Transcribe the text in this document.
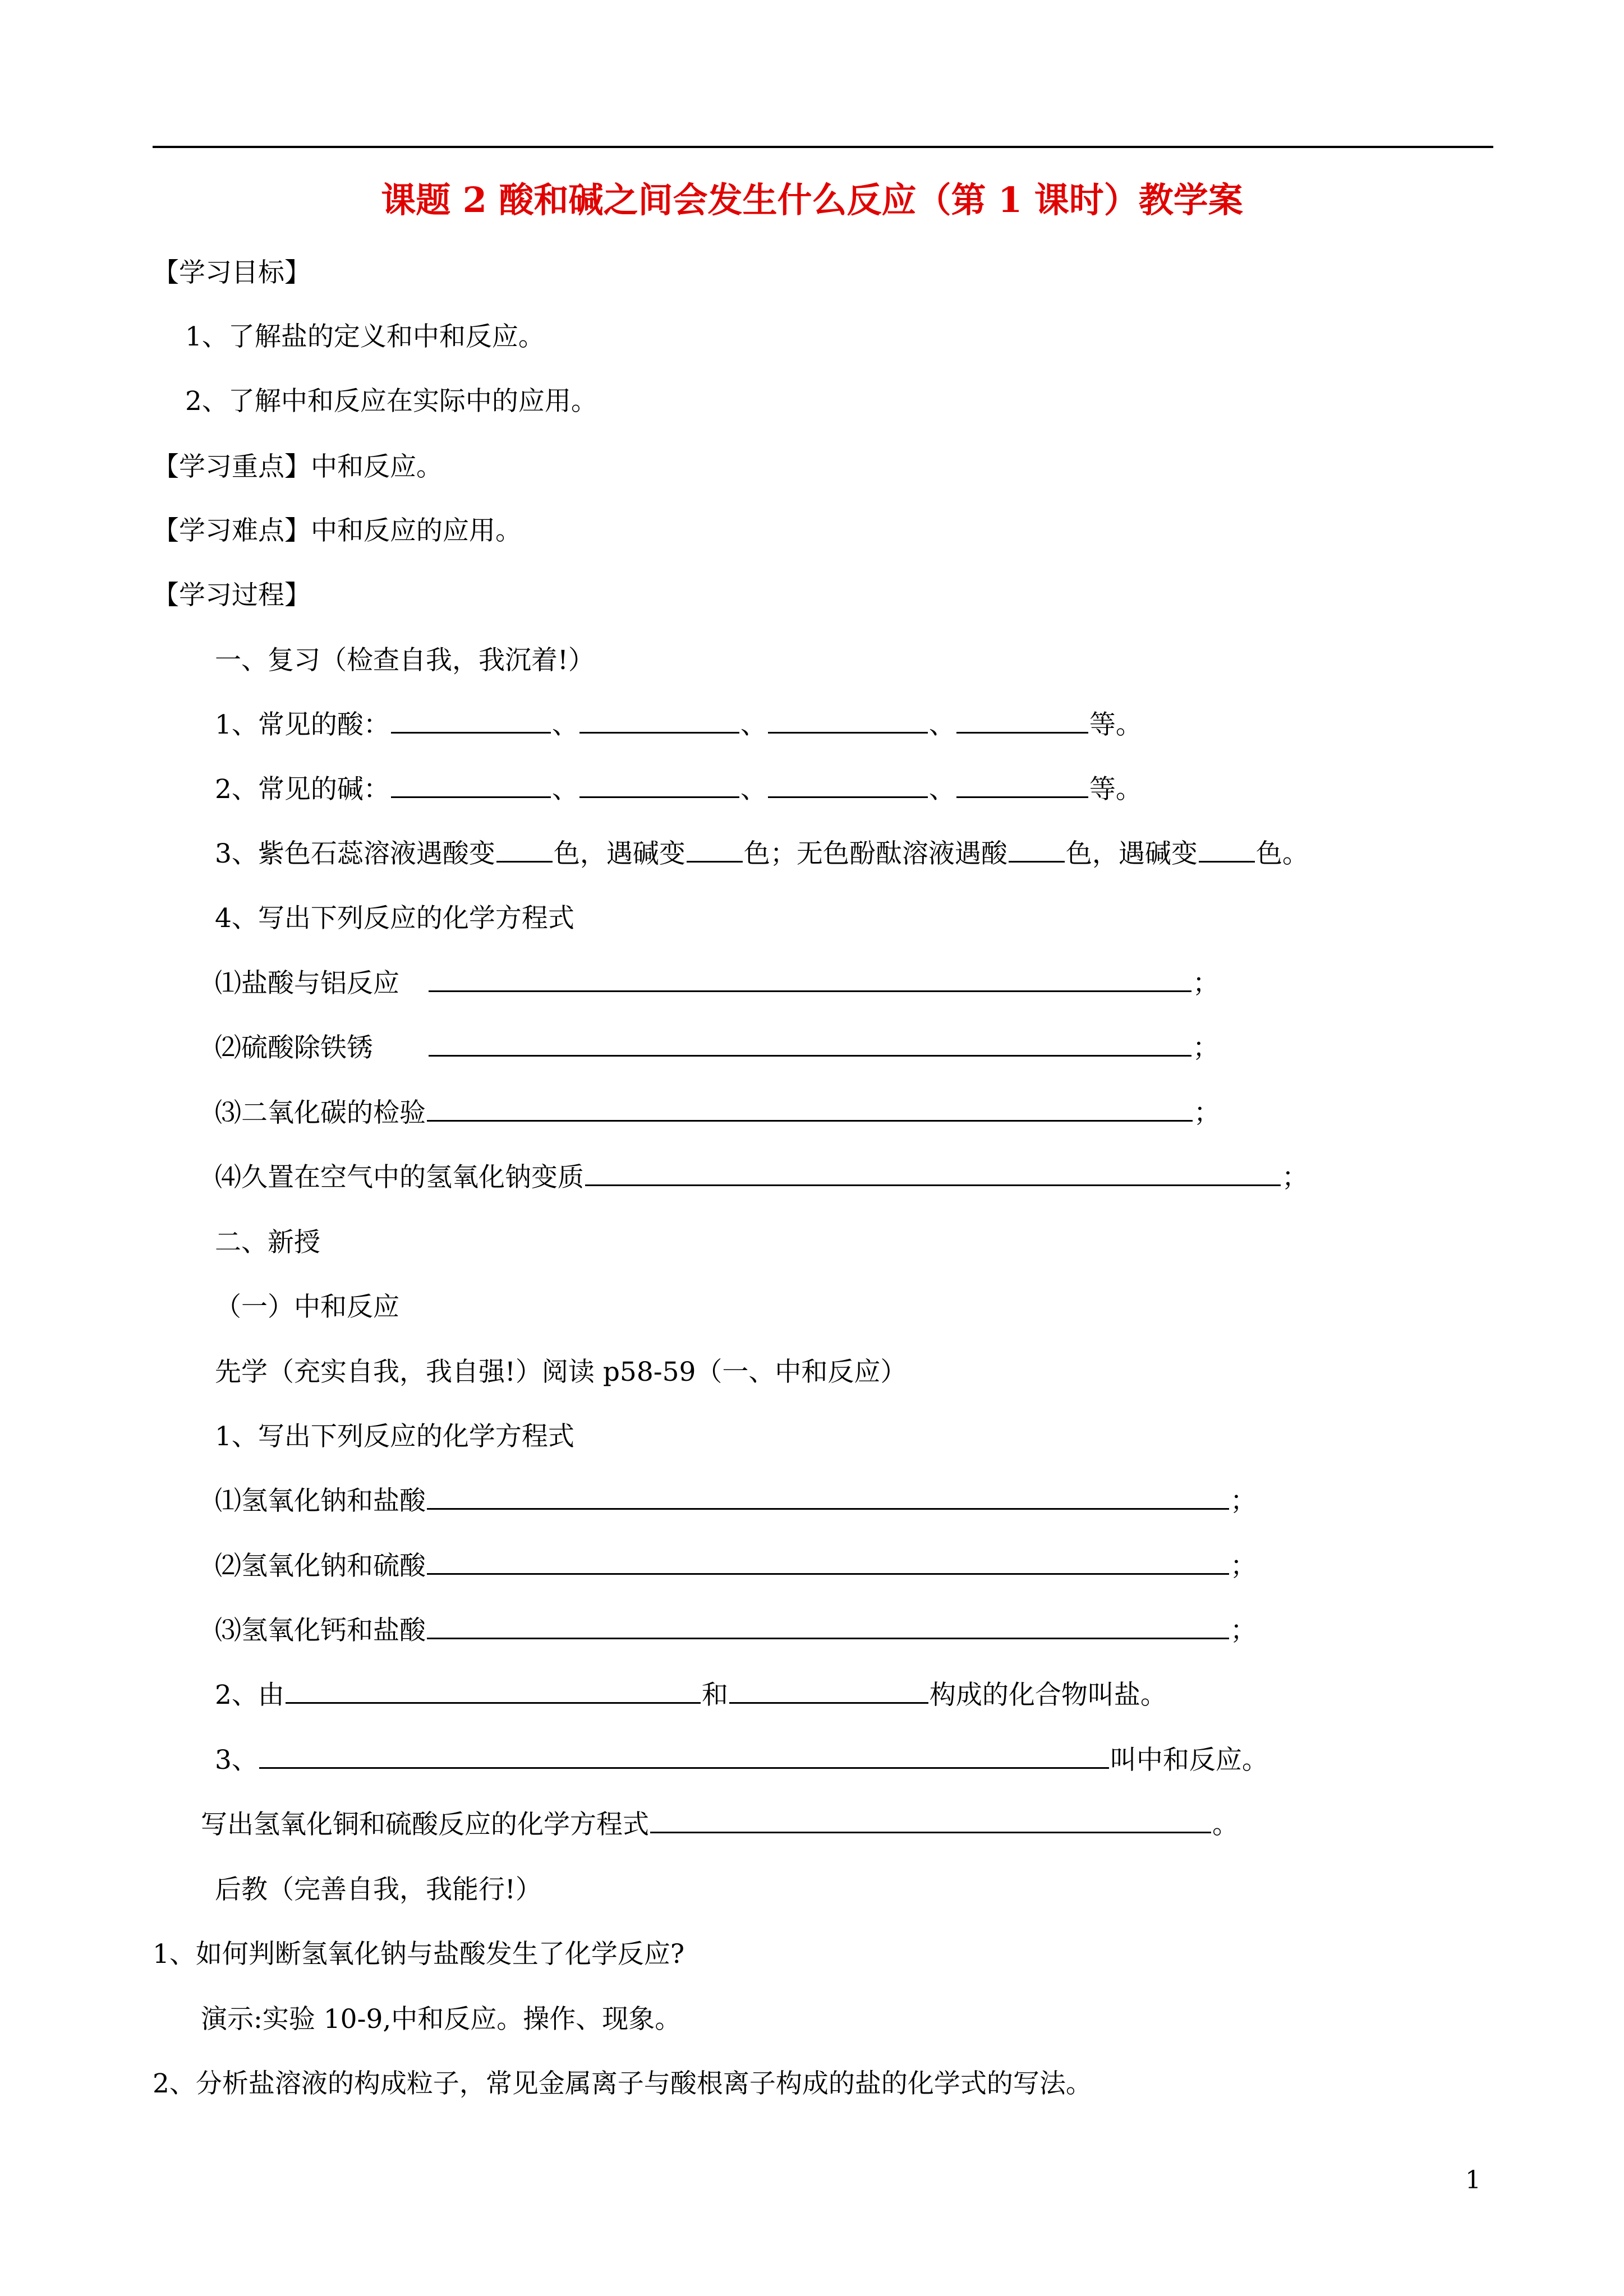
课题 2 酸和碱之间会发生什么反应（第 1 课时）教学案
【学习目标】
1、了解盐的定义和中和反应。
2、了解中和反应在实际中的应用。
【学习重点】中和反应。
【学习难点】中和反应的应用。
【学习过程】
一、复习（检查自我，我沉着!）
1、常见的酸：	、	、	、	等。
2、常见的碱：	、	、	、	等。
3、紫色石蕊溶液遇酸变 色，遇碱变 色；无色酚酞溶液遇酸 色，遇碱变 色。
4、写出下列反应的化学方程式
⑴盐酸与铝反应	；
⑵硫酸除铁锈	；
⑶二氧化碳的检验	；
⑷久置在空气中的氢氧化钠变质	；
二、新授
（一）中和反应
先学（充实自我，我自强!）阅读 p58-59（一、中和反应）
1、写出下列反应的化学方程式
⑴氢氧化钠和盐酸	；
⑵氢氧化钠和硫酸	；
⑶氢氧化钙和盐酸	；
2、由	和	构成的化合物叫盐。
3、	叫中和反应。
写出氢氧化铜和硫酸反应的化学方程式	。
后教（完善自我，我能行!）
1、如何判断氢氧化钠与盐酸发生了化学反应?
演示:实验 10-9,中和反应。操作、现象。
2、分析盐溶液的构成粒子，常见金属离子与酸根离子构成的盐的化学式的写法。
1
